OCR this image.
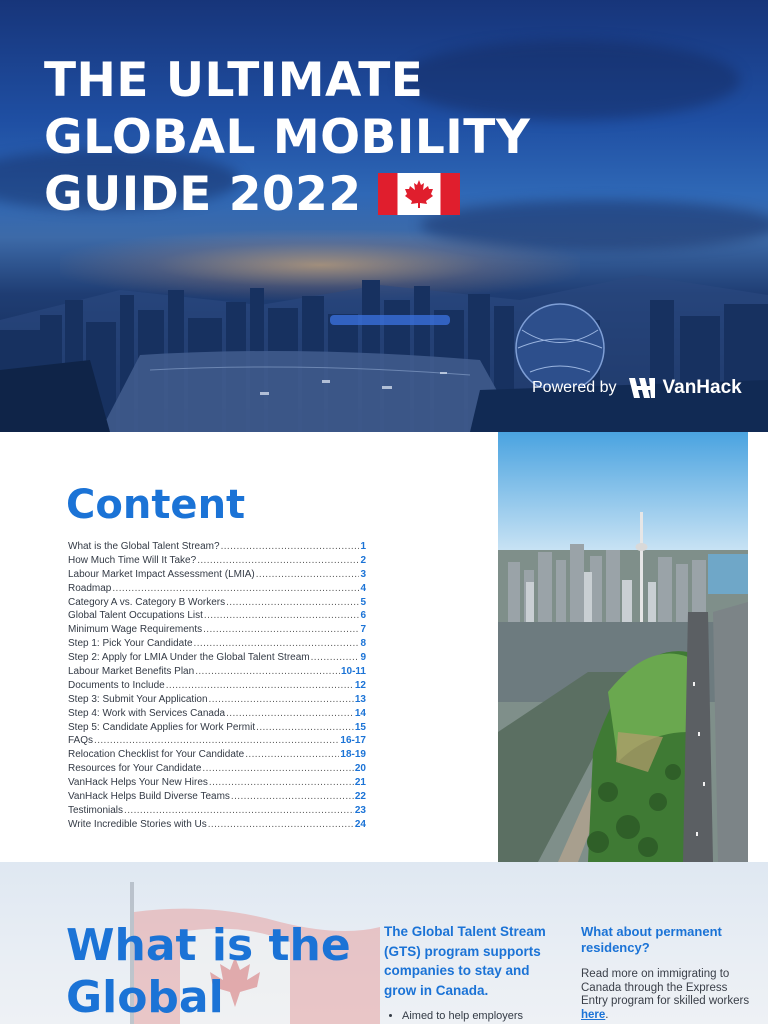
THE ULTIMATE
GLOBAL MOBILITY
GUIDE 2022
Powered by VanHack
Content
What is the Global Talent Stream? .....	1
How Much Time Will It Take? .....	2
Labour Market Impact Assessment (LMIA) .....	3
Roadmap .....	4
Category A vs. Category B Workers .....	5
Global Talent Occupations List .....	6
Minimum Wage Requirements .....	7
Step 1: Pick Your Candidate .....	8
Step 2: Apply for LMIA Under the Global Talent Stream .....	9
Labour Market Benefits Plan .....	10-11
Documents to Include .....	12
Step 3: Submit Your Application .....	13
Step 4: Work with Services Canada .....	14
Step 5: Candidate Applies for Work Permit .....	15
FAQs .....	16-17
Relocation Checklist for Your Candidate .....	18-19
Resources for Your Candidate .....	20
VanHack Helps Your New Hires .....	21
VanHack Helps Build Diverse Teams .....	22
Testimonials .....	23
Write Incredible Stories with Us .....	24
What is the
Global

The Global Talent Stream (GTS) program supports companies to stay and grow in Canada.

• Aimed to help employers

What about permanent residency?

Read more on immigrating to Canada through the Express Entry program for skilled workers here.
